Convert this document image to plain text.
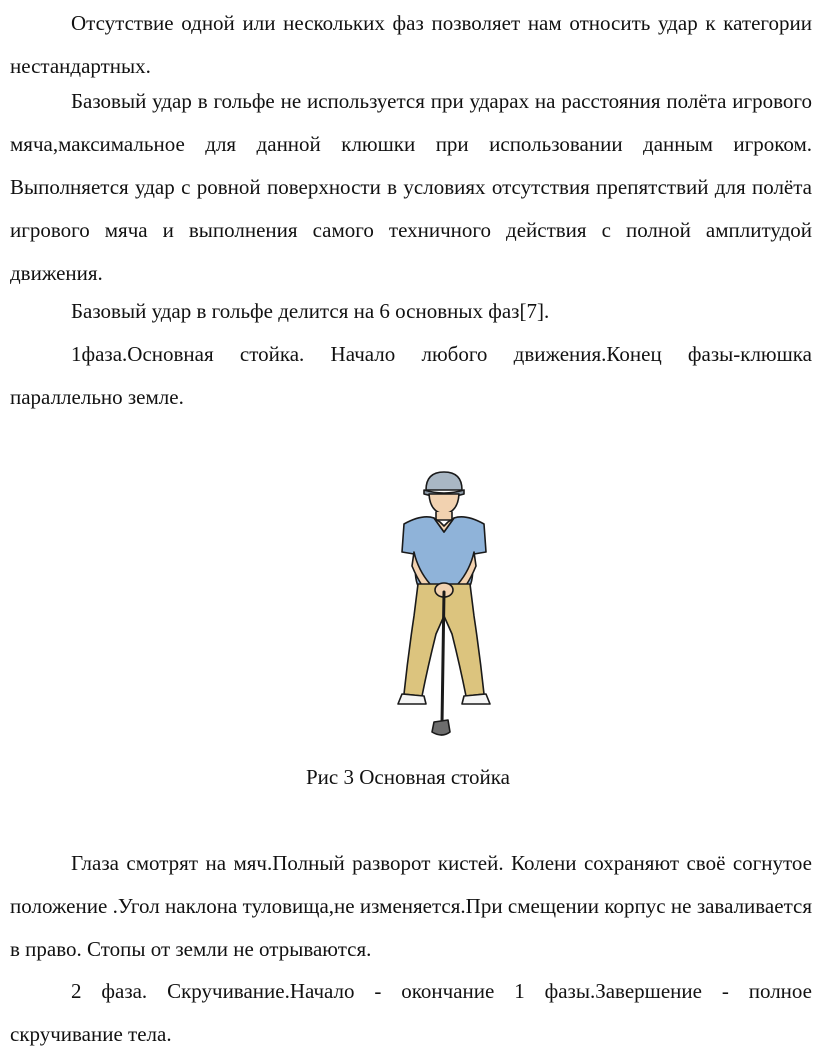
Отсутствие одной или нескольких фаз позволяет нам относить удар к категории нестандартных.

Базовый удар в гольфе не используется при ударах на расстояния полёта игрового мяча,максимальное для данной клюшки при использовании данным игроком. Выполняется удар с ровной поверхности в условиях отсутствия препятствий для полёта игрового мяча и выполнения самого техничного действия с полной амплитудой движения.

Базовый удар в гольфе делится на 6 основных фаз[7].

1фаза.Основная стойка. Начало любого движения.Конец фазы-клюшка параллельно земле.

Рис 3 Основная стойка

Глаза смотрят на мяч.Полный разворот кистей. Колени сохраняют своё согнутое положение .Угол наклона туловища,не изменяется.При смещении корпус не заваливается в право. Стопы от земли не отрываются.

2 фаза. Скручивание.Начало - окончание 1 фазы.Завершение - полное скручивание тела.
